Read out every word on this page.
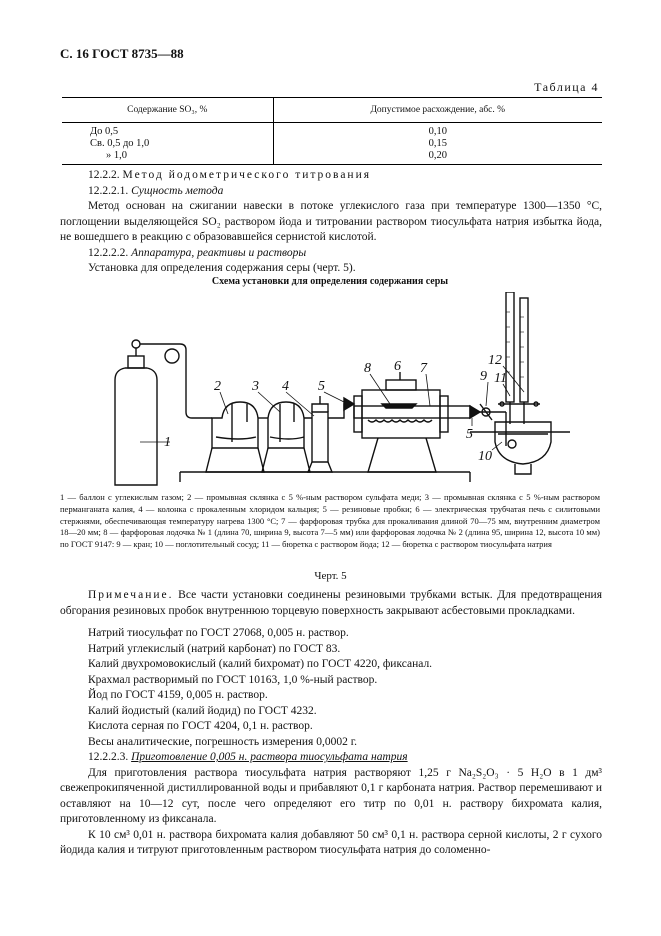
С. 16 ГОСТ 8735—88
Таблица 4
Содержание SO₃, %	Допустимое расхождение, абс. %
До 0,5	0,10
Св. 0,5 до 1,0	0,15
» 1,0	0,20
12.2.2. Метод йодометрического титрования
12.2.2.1. Сущность метода
Метод основан на сжигании навески в потоке углекислого газа при температуре 1300—1350 °С, поглощении выделяющейся SO₂ раствором йода и титровании раствором тиосульфата натрия избытка йода, не вошедшего в реакцию с образовавшейся сернистой кислотой.
12.2.2.2. Аппаратура, реактивы и растворы
Установка для определения содержания серы (черт. 5).
Схема установки для определения содержания серы
1
2 3 4 5
8 6 7
9 11
12
5
10
1 — баллон с углекислым газом; 2 — промывная склянка с 5 %-ным раствором сульфата меди; 3 — промывная склянка с 5 %-ным раствором перманганата калия, 4 — колонка с прокаленным хлоридом кальция; 5 — резиновые пробки; 6 — электрическая трубчатая печь с силитовыми стержнями, обеспечивающая температуру нагрева 1300 °С; 7 — фарфоровая трубка для прокаливания длиной 70—75 мм, внутренним диаметром 18—20 мм; 8 — фарфоровая лодочка № 1 (длина 70, ширина 9, высота 7—5 мм) или фарфоровая лодочка № 2 (длина 95, ширина 12, высота 10 мм) по ГОСТ 9147: 9 — кран; 10 — поглотительный сосуд; 11 — бюретка с раствором йода; 12 — бюретка с раствором тиосульфата натрия
Черт. 5
Примечание. Все части установки соединены резиновыми трубками встык. Для предотвращения обгорания резиновых пробок внутреннюю торцевую поверхность закрывают асбестовыми прокладками.
Натрий тиосульфат по ГОСТ 27068, 0,005 н. раствор.
Натрий углекислый (натрий карбонат) по ГОСТ 83.
Калий двухромовокислый (калий бихромат) по ГОСТ 4220, фиксанал.
Крахмал растворимый по ГОСТ 10163, 1,0 %-ный раствор.
Йод по ГОСТ 4159, 0,005 н. раствор.
Калий йодистый (калий йодид) по ГОСТ 4232.
Кислота серная по ГОСТ 4204, 0,1 н. раствор.
Весы аналитические, погрешность измерения 0,0002 г.
12.2.2.3. Приготовление 0,005 н. раствора тиосульфата натрия
Для приготовления раствора тиосульфата натрия растворяют 1,25 г Na₂S₂O₃ · 5 H₂O в 1 дм³ свежепрокипяченной дистиллированной воды и прибавляют 0,1 г карбоната натрия. Раствор перемешивают и оставляют на 10—12 сут, после чего определяют его титр по 0,01 н. раствору бихромата калия, приготовленному из фиксанала.
К 10 см³ 0,01 н. раствора бихромата калия добавляют 50 см³ 0,1 н. раствора серной кислоты, 2 г сухого йодида калия и титруют приготовленным раствором тиосульфата натрия до соломенно-
